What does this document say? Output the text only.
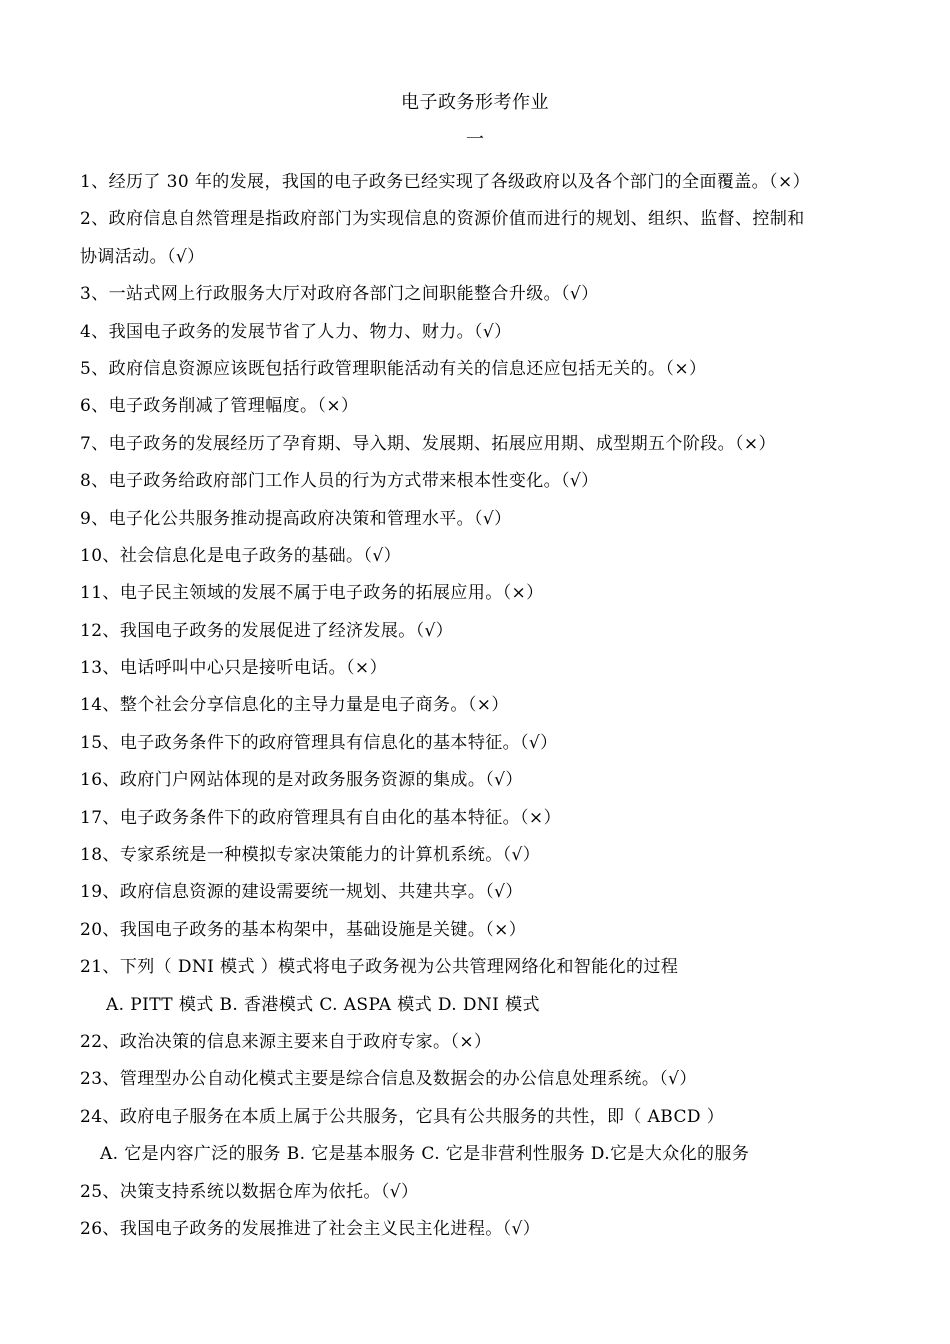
电子政务形考作业
一
1、经历了 30 年的发展，我国的电子政务已经实现了各级政府以及各个部门的全面覆盖。（×）
2、政府信息自然管理是指政府部门为实现信息的资源价值而进行的规划、组织、监督、控制和
协调活动。（√）
3、一站式网上行政服务大厅对政府各部门之间职能整合升级。（√）
4、我国电子政务的发展节省了人力、物力、财力。（√）
5、政府信息资源应该既包括行政管理职能活动有关的信息还应包括无关的。（×）
6、电子政务削减了管理幅度。（×）
7、电子政务的发展经历了孕育期、导入期、发展期、拓展应用期、成型期五个阶段。（×）
8、电子政务给政府部门工作人员的行为方式带来根本性变化。（√）
9、电子化公共服务推动提高政府决策和管理水平。（√）
10、社会信息化是电子政务的基础。（√）
11、电子民主领域的发展不属于电子政务的拓展应用。（×）
12、我国电子政务的发展促进了经济发展。（√）
13、电话呼叫中心只是接听电话。（×）
14、整个社会分享信息化的主导力量是电子商务。（×）
15、电子政务条件下的政府管理具有信息化的基本特征。（√）
16、政府门户网站体现的是对政务服务资源的集成。（√）
17、电子政务条件下的政府管理具有自由化的基本特征。（×）
18、专家系统是一种模拟专家决策能力的计算机系统。（√）
19、政府信息资源的建设需要统一规划、共建共享。（√）
20、我国电子政务的基本构架中，基础设施是关键。（×）
21、下列（ DNI 模式 ）模式将电子政务视为公共管理网络化和智能化的过程
A. PITT 模式 B. 香港模式 C. ASPA 模式 D. DNI 模式
22、政治决策的信息来源主要来自于政府专家。（×）
23、管理型办公自动化模式主要是综合信息及数据会的办公信息处理系统。（√）
24、政府电子服务在本质上属于公共服务，它具有公共服务的共性，即（ ABCD ）
A. 它是内容广泛的服务 B. 它是基本服务 C. 它是非营利性服务 D.它是大众化的服务
25、决策支持系统以数据仓库为依托。（√）
26、我国电子政务的发展推进了社会主义民主化进程。（√）
